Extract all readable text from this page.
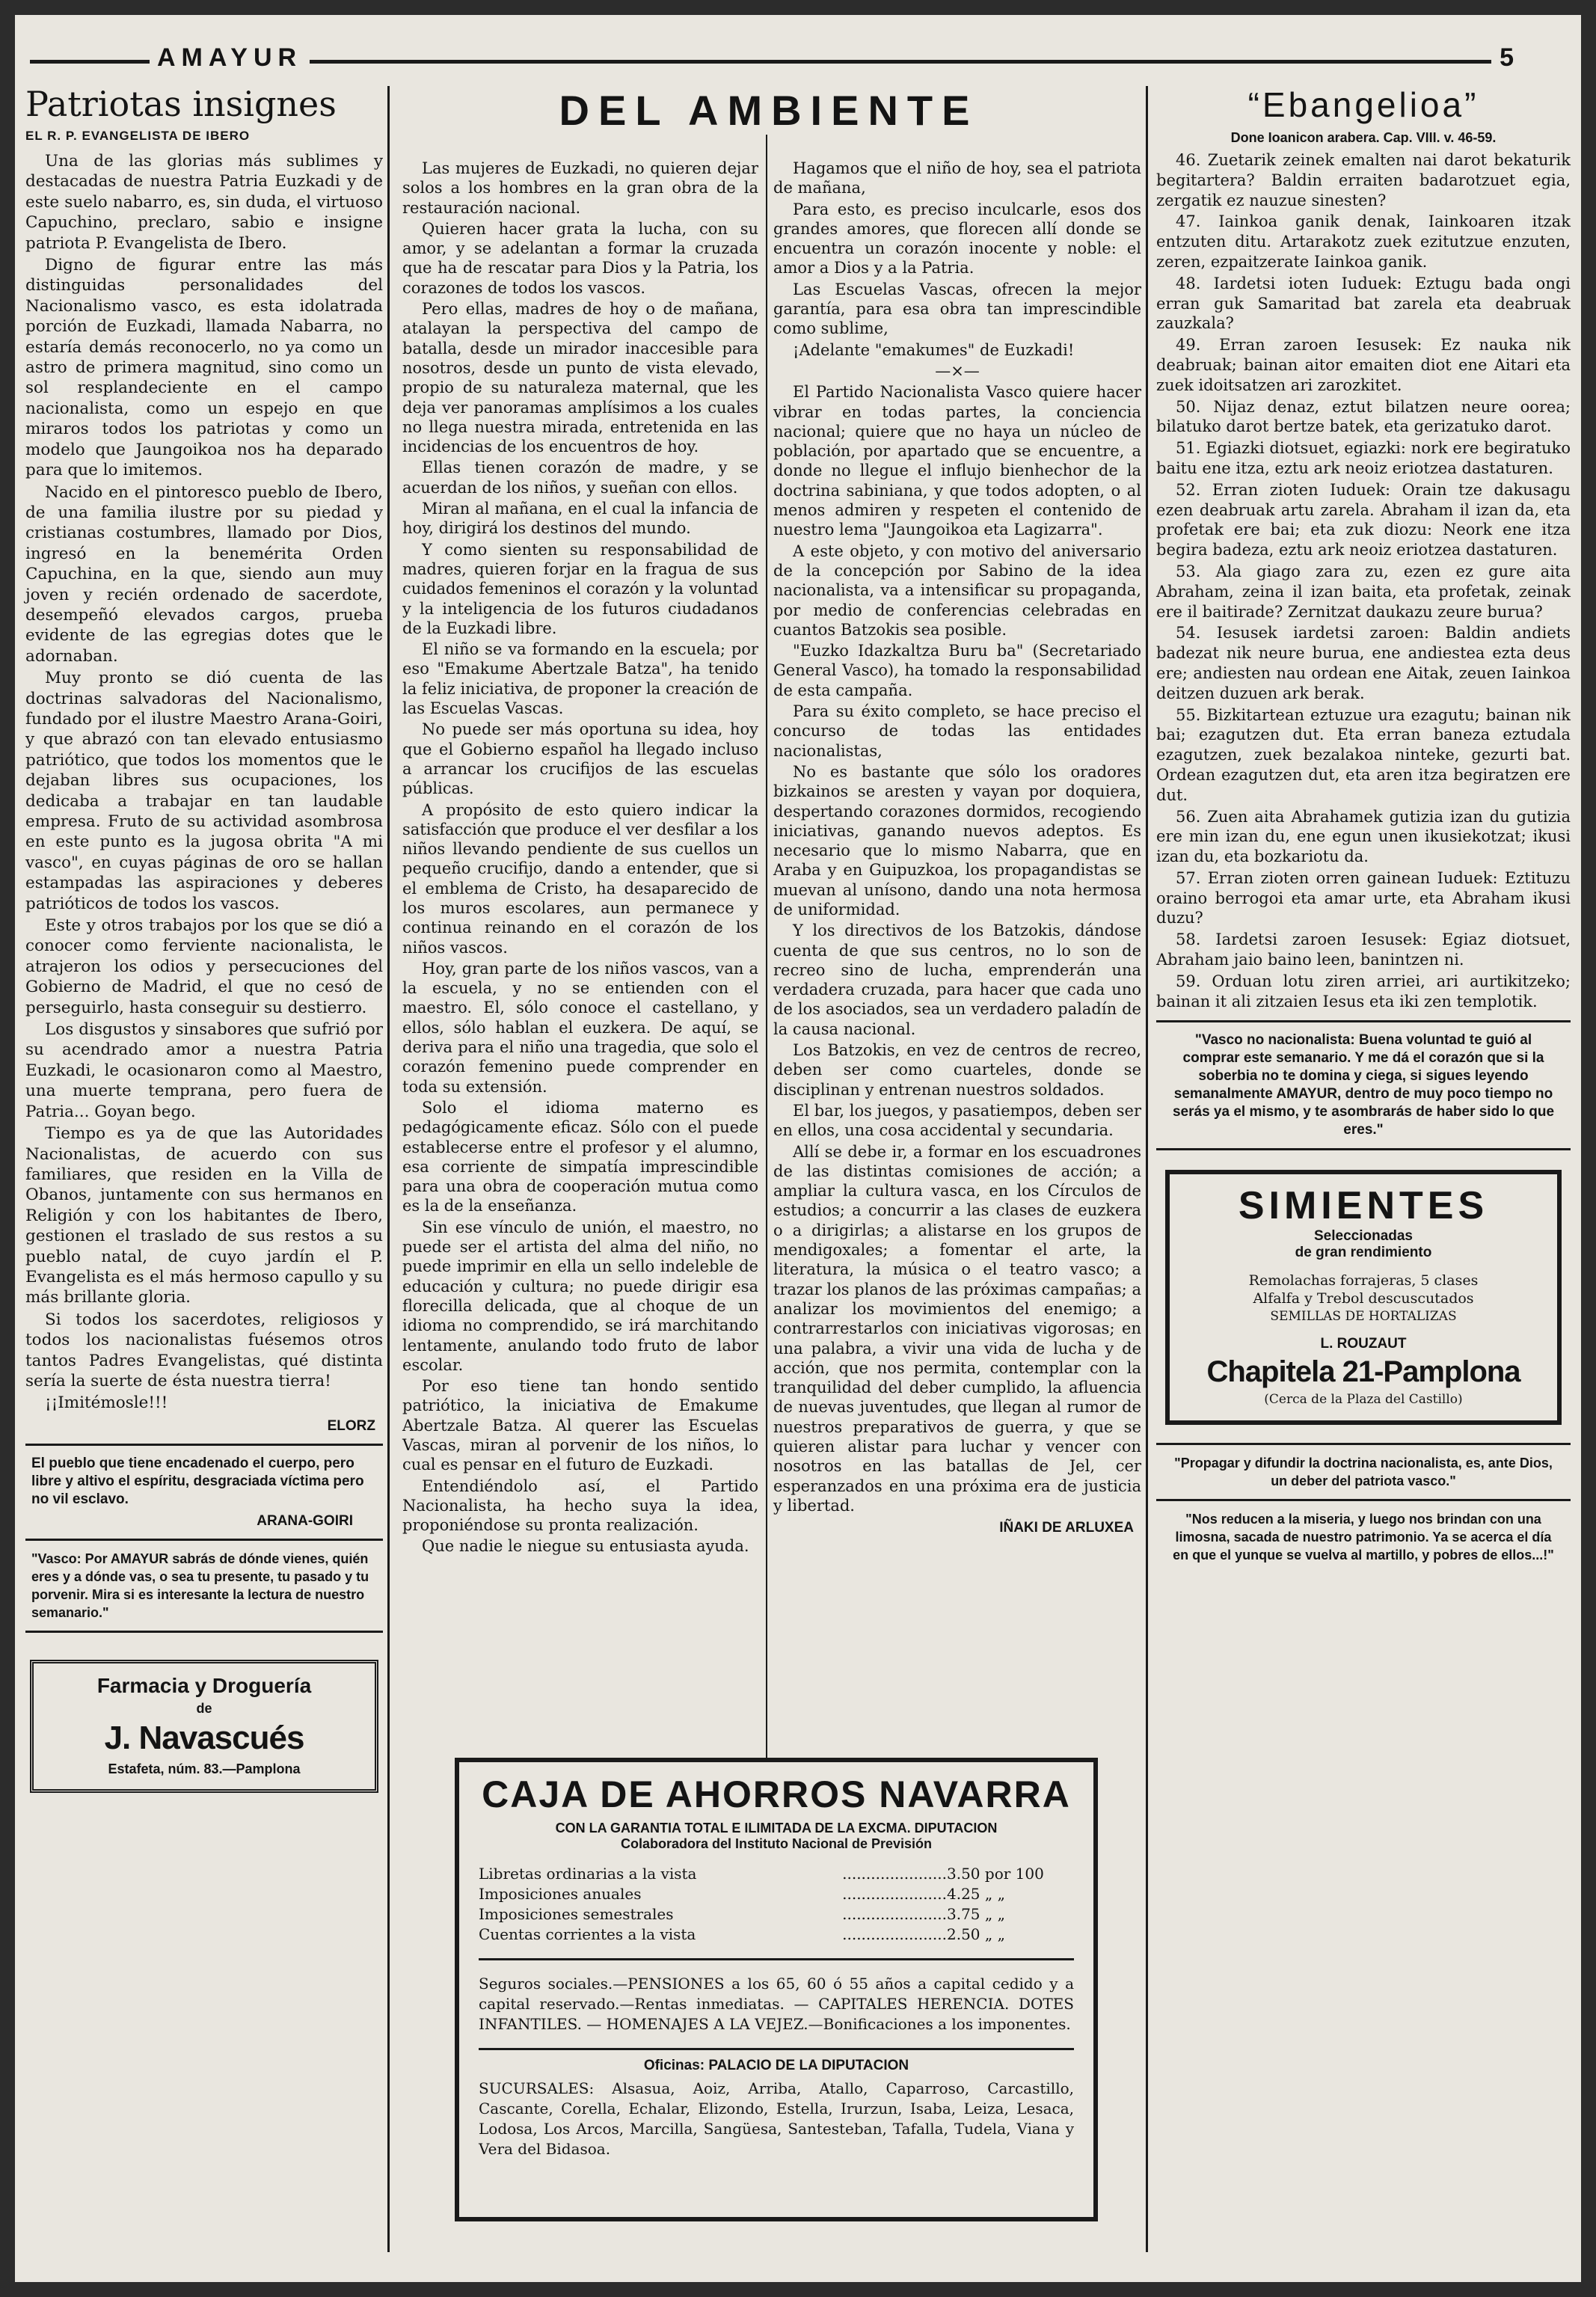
AMAYUR	5
Patriotas insignes
EL R. P. EVANGELISTA DE IBERO

Una de las glorias más sublimes y destacadas de nuestra Patria Euzkadi y de este suelo nabarro, es, sin duda, el virtuoso Capuchino, preclaro, sabio e insigne patriota P. Evangelista de Ibero.

Digno de figurar entre las más distinguidas personalidades del Nacionalismo vasco, es esta idolatrada porción de Euzkadi, llamada Nabarra, no estaría demás reconocerlo, no ya como un astro de primera magnitud, sino como un sol resplandeciente en el campo nacionalista, como un espejo en que miraros todos los patriotas y como un modelo que Jaungoikoa nos ha deparado para que lo imitemos.

Nacido en el pintoresco pueblo de Ibero, de una familia ilustre por su piedad y cristianas costumbres, llamado por Dios, ingresó en la benemérita Orden Capuchina, en la que, siendo aun muy joven y recién ordenado de sacerdote, desempeñó elevados cargos, prueba evidente de las egregias dotes que le adornaban.

Muy pronto se dió cuenta de las doctrinas salvadoras del Nacionalismo, fundado por el ilustre Maestro Arana-Goiri, y que abrazó con tan elevado entusiasmo patriótico, que todos los momentos que le dejaban libres sus ocupaciones, los dedicaba a trabajar en tan laudable empresa. Fruto de su actividad asombrosa en este punto es la jugosa obrita "A mi vasco", en cuyas páginas de oro se hallan estampadas las aspiraciones y deberes patrióticos de todos los vascos.

Este y otros trabajos por los que se dió a conocer como ferviente nacionalista, le atrajeron los odios y persecuciones del Gobierno de Madrid, el que no cesó de perseguirlo, hasta conseguir su destierro.

Los disgustos y sinsabores que sufrió por su acendrado amor a nuestra Patria Euzkadi, le ocasionaron como al Maestro, una muerte temprana, pero fuera de Patria... Goyan bego.

Tiempo es ya de que las Autoridades Nacionalistas, de acuerdo con sus familiares, que residen en la Villa de Obanos, juntamente con sus hermanos en Religión y con los habitantes de Ibero, gestionen el traslado de sus restos a su pueblo natal, de cuyo jardín el P. Evangelista es el más hermoso capullo y su más brillante gloria.

Si todos los sacerdotes, religiosos y todos los nacionalistas fuésemos otros tantos Padres Evangelistas, qué distinta sería la suerte de ésta nuestra tierra!

¡¡Imitémosle!!!

ELORZ
El pueblo que tiene encadenado el cuerpo, pero libre y altivo el espíritu, desgraciada víctima pero no vil esclavo.
ARANA-GOIRI
"Vasco: Por AMAYUR sabrás de dónde vienes, quién eres y a dónde vas, o sea tu presente, tu pasado y tu porvenir. Mira si es interesante la lectura de nuestro semanario."
Farmacia y Droguería
de
J. Navascués
Estafeta, núm. 83.—Pamplona
DEL AMBIENTE

Las mujeres de Euzkadi, no quieren dejar solos a los hombres en la gran obra de la restauración nacional.

Quieren hacer grata la lucha, con su amor, y se adelantan a formar la cruzada que ha de rescatar para Dios y la Patria, los corazones de todos los vascos.

Pero ellas, madres de hoy o de mañana, atalayan la perspectiva del campo de batalla, desde un mirador inaccesible para nosotros, desde un punto de vista elevado, propio de su naturaleza maternal, que les deja ver panoramas amplísimos a los cuales no llega nuestra mirada, entretenida en las incidencias de los encuentros de hoy.

Ellas tienen corazón de madre, y se acuerdan de los niños, y sueñan con ellos.

Miran al mañana, en el cual la infancia de hoy, dirigirá los destinos del mundo.

Y como sienten su responsabilidad de madres, quieren forjar en la fragua de sus cuidados femeninos el corazón y la voluntad y la inteligencia de los futuros ciudadanos de la Euzkadi libre.

El niño se va formando en la escuela; por eso "Emakume Abertzale Batza", ha tenido la feliz iniciativa, de proponer la creación de las Escuelas Vascas.

No puede ser más oportuna su idea, hoy que el Gobierno español ha llegado incluso a arrancar los crucifijos de las escuelas públicas.

A propósito de esto quiero indicar la satisfacción que produce el ver desfilar a los niños llevando pendiente de sus cuellos un pequeño crucifijo, dando a entender, que si el emblema de Cristo, ha desaparecido de los muros escolares, aun permanece y continua reinando en el corazón de los niños vascos.

Hoy, gran parte de los niños vascos, van a la escuela, y no se entienden con el maestro. El, sólo conoce el castellano, y ellos, sólo hablan el euzkera. De aquí, se deriva para el niño una tragedia, que solo el corazón femenino puede comprender en toda su extensión.

Solo el idioma materno es pedagógicamente eficaz. Sólo con el puede establecerse entre el profesor y el alumno, esa corriente de simpatía imprescindible para una obra de cooperación mutua como es la de la enseñanza.

Sin ese vínculo de unión, el maestro, no puede ser el artista del alma del niño, no puede imprimir en ella un sello indeleble de educación y cultura; no puede dirigir esa florecilla delicada, que al choque de un idioma no comprendido, se irá marchitando lentamente, anulando todo fruto de labor escolar.

Por eso tiene tan hondo sentido patriótico, la iniciativa de Emakume Abertzale Batza. Al querer las Escuelas Vascas, miran al porvenir de los niños, lo cual es pensar en el futuro de Euzkadi.

Entendiéndolo así, el Partido Nacionalista, ha hecho suya la idea, proponiéndose su pronta realización.

Que nadie le niegue su entusiasta ayuda.

Hagamos que el niño de hoy, sea el patriota de mañana,

Para esto, es preciso inculcarle, esos dos grandes amores, que florecen allí donde se encuentra un corazón inocente y noble: el amor a Dios y a la Patria.

Las Escuelas Vascas, ofrecen la mejor garantía, para esa obra tan imprescindible como sublime,

¡Adelante "emakumes" de Euzkadi!

—×—

El Partido Nacionalista Vasco quiere hacer vibrar en todas partes, la conciencia nacional; quiere que no haya un núcleo de población, por apartado que se encuentre, a donde no llegue el influjo bienhechor de la doctrina sabiniana, y que todos adopten, o al menos admiren y respeten el contenido de nuestro lema "Jaungoikoa eta Lagizarra".

A este objeto, y con motivo del aniversario de la concepción por Sabino de la idea nacionalista, va a intensificar su propaganda, por medio de conferencias celebradas en cuantos Batzokis sea posible.

"Euzko Idazkaltza Buru ba" (Secretariado General Vasco), ha tomado la responsabilidad de esta campaña.

Para su éxito completo, se hace preciso el concurso de todas las entidades nacionalistas,

No es bastante que sólo los oradores bizkainos se aresten y vayan por doquiera, despertando corazones dormidos, recogiendo iniciativas, ganando nuevos adeptos. Es necesario que lo mismo Nabarra, que en Araba y en Guipuzkoa, los propagandistas se muevan al unísono, dando una nota hermosa de uniformidad.

Y los directivos de los Batzokis, dándose cuenta de que sus centros, no lo son de recreo sino de lucha, emprenderán una verdadera cruzada, para hacer que cada uno de los asociados, sea un verdadero paladín de la causa nacional.

Los Batzokis, en vez de centros de recreo, deben ser como cuarteles, donde se disciplinan y entrenan nuestros soldados.

El bar, los juegos, y pasatiempos, deben ser en ellos, una cosa accidental y secundaria.

Allí se debe ir, a formar en los escuadrones de las distintas comisiones de acción; a ampliar la cultura vasca, en los Círculos de estudios; a concurrir a las clases de euzkera o a dirigirlas; a alistarse en los grupos de mendigoxales; a fomentar el arte, la literatura, la música o el teatro vasco; a trazar los planos de las próximas campañas; a analizar los movimientos del enemigo; a contrarrestarlos con iniciativas vigorosas; en una palabra, a vivir una vida de lucha y de acción, que nos permita, contemplar con la tranquilidad del deber cumplido, la afluencia de nuevas juventudes, que llegan al rumor de nuestros preparativos de guerra, y que se quieren alistar para luchar y vencer con nosotros en las batallas de Jel, cer esperanzados en una próxima era de justicia y libertad.

IÑAKI DE ARLUXEA
CAJA DE AHORROS NAVARRA
CON LA GARANTIA TOTAL E ILIMITADA DE LA EXCMA. DIPUTACION
Colaboradora del Instituto Nacional de Previsión
Libretas ordinarias a la vista	...................... 3.50 por 100
Imposiciones anuales	...................... 4.25 „ „
Imposiciones semestrales	...................... 3.75 „ „
Cuentas corrientes a la vista	...................... 2.50 „ „
Seguros sociales.—PENSIONES a los 65, 60 ó 55 años a capital cedido y a capital reservado.—Rentas inmediatas. — CAPITALES HERENCIA. DOTES INFANTILES. — HOMENAJES A LA VEJEZ.—Bonificaciones a los imponentes.
Oficinas: PALACIO DE LA DIPUTACION
SUCURSALES: Alsasua, Aoiz, Arriba, Atallo, Caparroso, Carcastillo, Cascante, Corella, Echalar, Elizondo, Estella, Irurzun, Isaba, Leiza, Lesaca, Lodosa, Los Arcos, Marcilla, Sangüesa, Santesteban, Tafalla, Tudela, Viana y Vera del Bidasoa.
“Ebangelioa”
Done Ioanicon arabera. Cap. VIII. v. 46-59.

46. Zuetarik zeinek emalten nai darot bekaturik begitartera? Baldin erraiten badarotzuet egia, zergatik ez nauzue sinesten?

47. Iainkoa ganik denak, Iainkoaren itzak entzuten ditu. Artarakotz zuek ezitutzue enzuten, zeren, ezpaitzerate Iainkoa ganik.

48. Iardetsi ioten Iuduek: Eztugu bada ongi erran guk Samaritad bat zarela eta deabruak zauzkala?

49. Erran zaroen Iesusek: Ez nauka nik deabruak; bainan aitor emaiten diot ene Aitari eta zuek idoitsatzen ari zarozkitet.

50. Nijaz denaz, eztut bilatzen neure oorea; bilatuko darot bertze batek, eta gerizatuko darot.

51. Egiazki diotsuet, egiazki: nork ere begiratuko baitu ene itza, eztu ark neoiz eriotzea dastaturen.

52. Erran zioten Iuduek: Orain tze dakusagu ezen deabruak artu zarela. Abraham il izan da, eta profetak ere bai; eta zuk diozu: Neork ene itza begira badeza, eztu ark neoiz eriotzea dastaturen.

53. Ala giago zara zu, ezen ez gure aita Abraham, zeina il izan baita, eta profetak, zeinak ere il baitirade? Zernitzat daukazu zeure burua?

54. Iesusek iardetsi zaroen: Baldin andiets badezat nik neure burua, ene andiestea ezta deus ere; andiesten nau ordean ene Aitak, zeuen Iainkoa deitzen duzuen ark berak.

55. Bizkitartean eztuzue ura ezagutu; bainan nik bai; ezagutzen dut. Eta erran baneza eztudala ezagutzen, zuek bezalakoa ninteke, gezurti bat. Ordean ezagutzen dut, eta aren itza begiratzen ere dut.

56. Zuen aita Abrahamek gutizia izan du gutizia ere min izan du, ene egun unen ikusiekotzat; ikusi izan du, eta bozkariotu da.

57. Erran zioten orren gainean Iuduek: Eztituzu oraino berrogoi eta amar urte, eta Abraham ikusi duzu?

58. Iardetsi zaroen Iesusek: Egiaz diotsuet, Abraham jaio baino leen, banintzen ni.

59. Orduan lotu ziren arriei, ari aurtikitzeko; bainan it ali zitzaien Iesus eta iki zen templotik.

"Vasco no nacionalista: Buena voluntad te guió al comprar este semanario. Y me dá el corazón que si la soberbia no te domina y ciega, si sigues leyendo semanalmente AMAYUR, dentro de muy poco tiempo no serás ya el mismo, y te asombrarás de haber sido lo que eres."
SIMIENTES
Seleccionadas
de gran rendimiento
Remolachas forrajeras, 5 clases
Alfalfa y Trebol descuscutados
SEMILLAS DE HORTALIZAS
L. ROUZAUT
Chapitela 21-Pamplona
(Cerca de la Plaza del Castillo)
"Propagar y difundir la doctrina nacionalista, es, ante Dios, un deber del patriota vasco."
"Nos reducen a la miseria, y luego nos brindan con una limosna, sacada de nuestro patrimonio. Ya se acerca el día en que el yunque se vuelva al martillo, y pobres de ellos...!"
